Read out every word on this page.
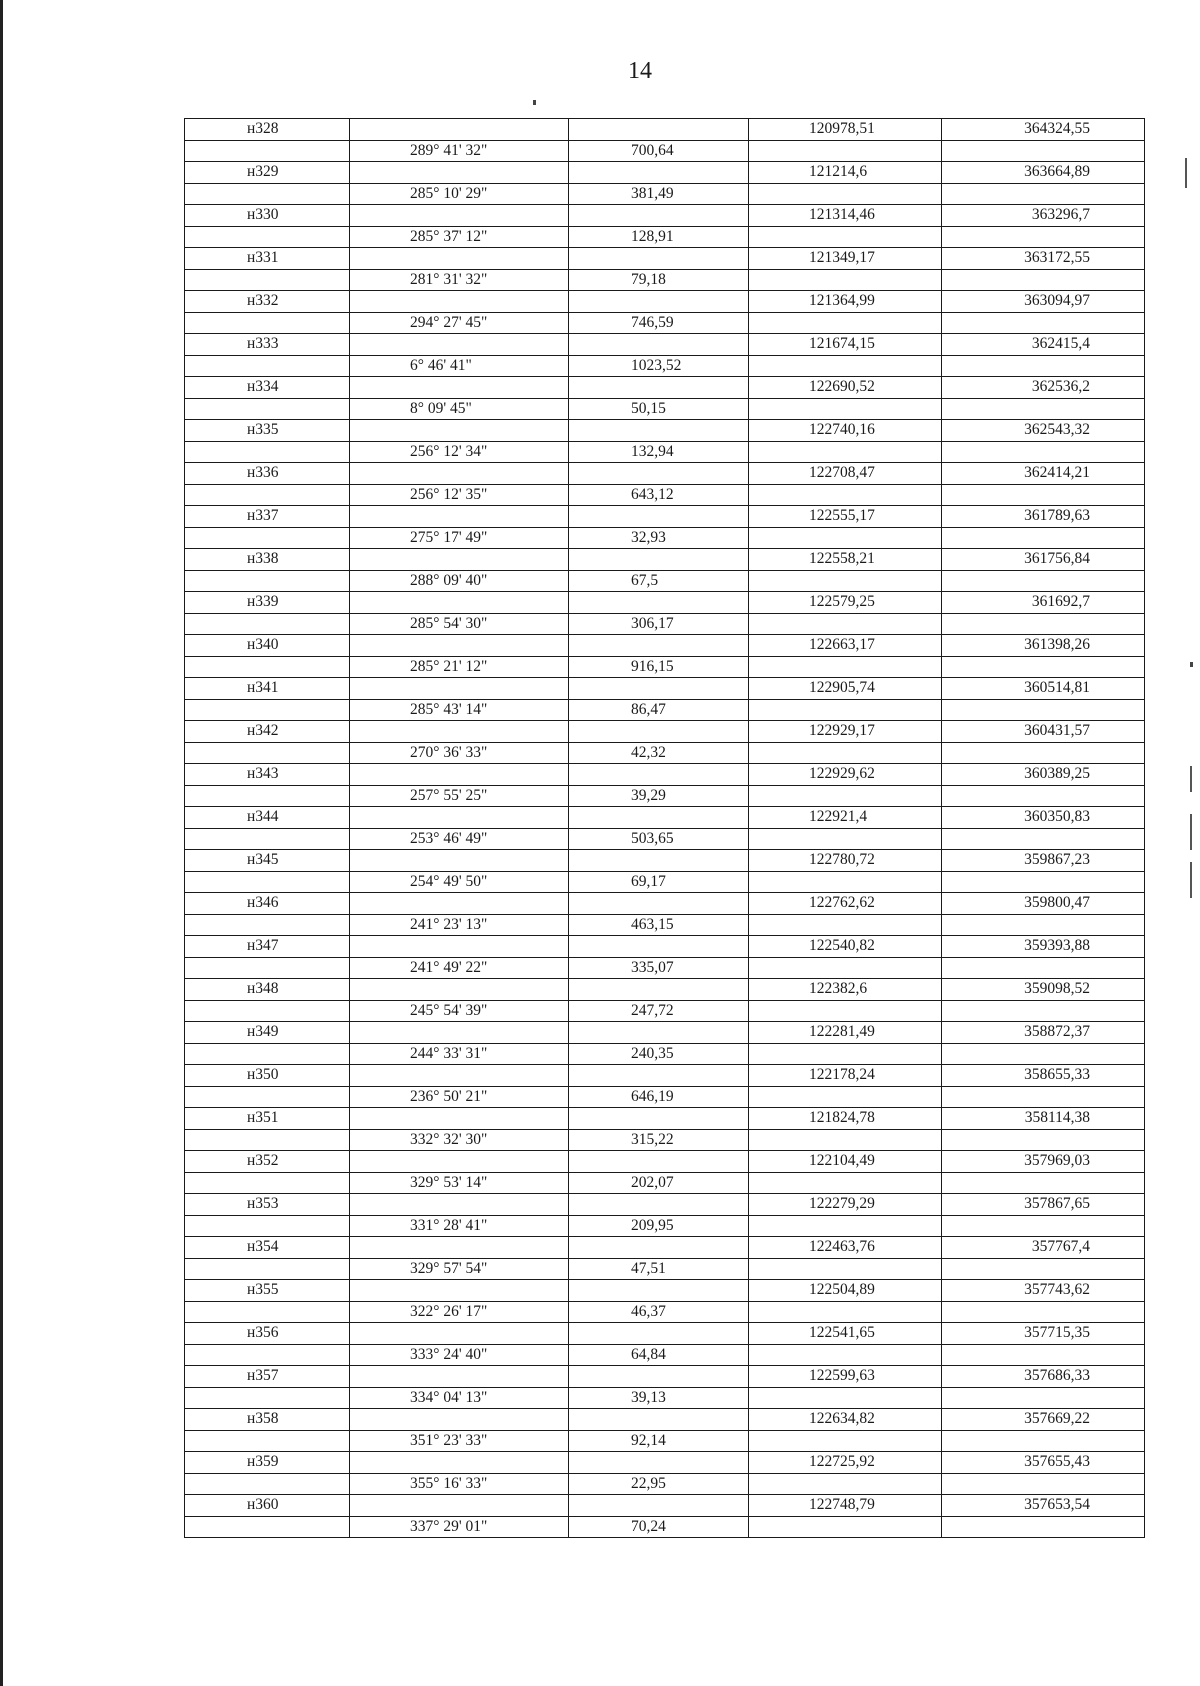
14
н328			120978,51	364324,55
	289° 41' 32"	700,64		
н329			121214,6	363664,89
	285° 10' 29"	381,49		
н330			121314,46	363296,7
	285° 37' 12"	128,91		
н331			121349,17	363172,55
	281° 31' 32"	79,18		
н332			121364,99	363094,97
	294° 27' 45"	746,59		
н333			121674,15	362415,4
	6° 46' 41"	1023,52		
н334			122690,52	362536,2
	8° 09' 45"	50,15		
н335			122740,16	362543,32
	256° 12' 34"	132,94		
н336			122708,47	362414,21
	256° 12' 35"	643,12		
н337			122555,17	361789,63
	275° 17' 49"	32,93		
н338			122558,21	361756,84
	288° 09' 40"	67,5		
н339			122579,25	361692,7
	285° 54' 30"	306,17		
н340			122663,17	361398,26
	285° 21' 12"	916,15		
н341			122905,74	360514,81
	285° 43' 14"	86,47		
н342			122929,17	360431,57
	270° 36' 33"	42,32		
н343			122929,62	360389,25
	257° 55' 25"	39,29		
н344			122921,4	360350,83
	253° 46' 49"	503,65		
н345			122780,72	359867,23
	254° 49' 50"	69,17		
н346			122762,62	359800,47
	241° 23' 13"	463,15		
н347			122540,82	359393,88
	241° 49' 22"	335,07		
н348			122382,6	359098,52
	245° 54' 39"	247,72		
н349			122281,49	358872,37
	244° 33' 31"	240,35		
н350			122178,24	358655,33
	236° 50' 21"	646,19		
н351			121824,78	358114,38
	332° 32' 30"	315,22		
н352			122104,49	357969,03
	329° 53' 14"	202,07		
н353			122279,29	357867,65
	331° 28' 41"	209,95		
н354			122463,76	357767,4
	329° 57' 54"	47,51		
н355			122504,89	357743,62
	322° 26' 17"	46,37		
н356			122541,65	357715,35
	333° 24' 40"	64,84		
н357			122599,63	357686,33
	334° 04' 13"	39,13		
н358			122634,82	357669,22
	351° 23' 33"	92,14		
н359			122725,92	357655,43
	355° 16' 33"	22,95		
н360			122748,79	357653,54
	337° 29' 01"	70,24		
